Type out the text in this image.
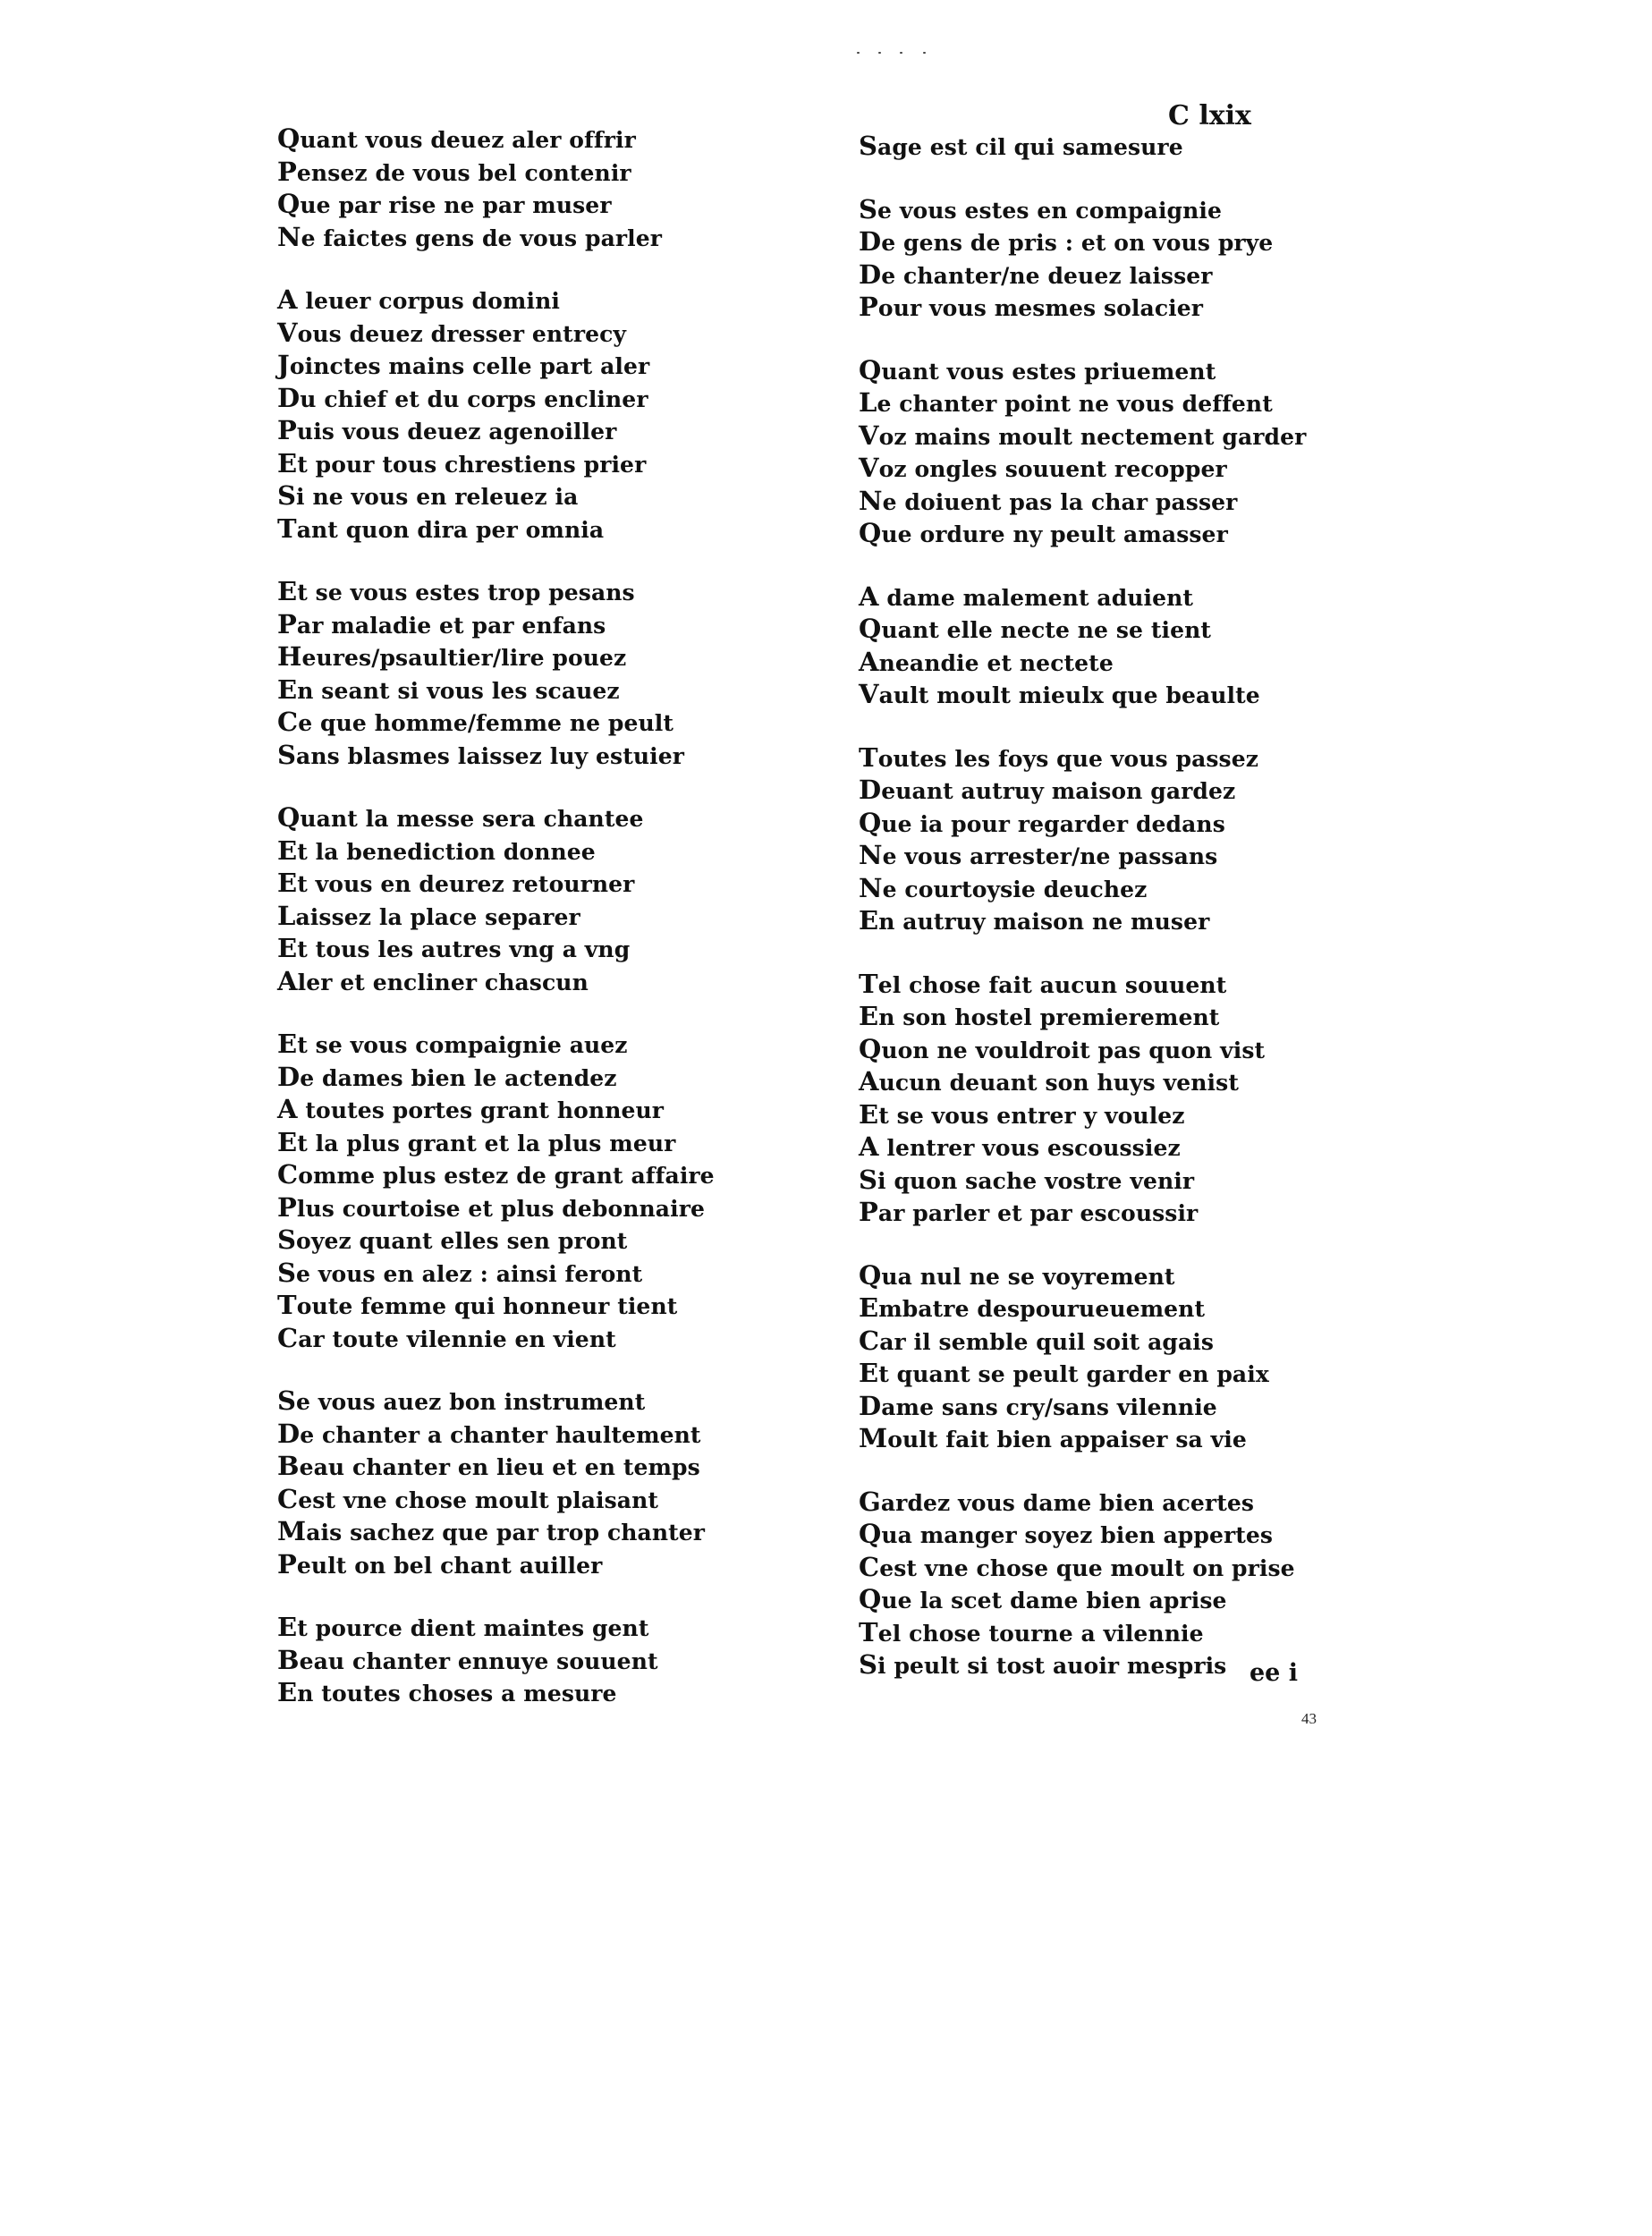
C lxix
Quant vous deuez aler offrir
Pensez de vous bel contenir
Que par rise ne par muser
Ne faictes gens de vous parler
A leuer corpus domini
Vous deuez dresser entrecy
Joinctes mains celle part aler
Du chief et du corps encliner
Puis vous deuez agenoiller
Et pour tous chrestiens prier
Si ne vous en releuez ia
Tant quon dira per omnia
Et se vous estes trop pesans
Par maladie et par enfans
Heures/psaultier/lire pouez
En seant si vous les scauez
Ce que homme/femme ne peult
Sans blasmes laissez luy estuier
Quant la messe sera chantee
Et la benediction donnee
Et vous en deurez retourner
Laissez la place separer
Et tous les autres vng a vng
Aler et encliner chascun
Et se vous compaignie auez
De dames bien le actendez
A toutes portes grant honneur
Et la plus grant et la plus meur
Comme plus estez de grant affaire
Plus courtoise et plus debonnaire
Soyez quant elles sen pront
Se vous en alez : ainsi feront
Toute femme qui honneur tient
Car toute vilennie en vient
Se vous auez bon instrument
De chanter a chanter haultement
Beau chanter en lieu et en temps
Cest vne chose moult plaisant
Mais sachez que par trop chanter
Peult on bel chant auiller
Et pource dient maintes gent
Beau chanter ennuye souuent
En toutes choses a mesure
Sage est cil qui samesure
Se vous estes en compaignie
De gens de pris : et on vous prye
De chanter/ne deuez laisser
Pour vous mesmes solacier
Quant vous estes priuement
Le chanter point ne vous deffent
Voz mains moult nectement garder
Voz ongles souuent recopper
Ne doiuent pas la char passer
Que ordure ny peult amasser
A dame malement aduient
Quant elle necte ne se tient
Aneandie et nectete
Vault moult mieulx que beaulte
Toutes les foys que vous passez
Deuant autruy maison gardez
Que ia pour regarder dedans
Ne vous arrester/ne passans
Ne courtoysie deuchez
En autruy maison ne muser
Tel chose fait aucun souuent
En son hostel premierement
Quon ne vouldroit pas quon vist
Aucun deuant son huys venist
Et se vous entrer y voulez
A lentrer vous escoussiez
Si quon sache vostre venir
Par parler et par escoussir
Qua nul ne se voyrement
Embatre despourueuement
Car il semble quil soit agais
Et quant se peult garder en paix
Dame sans cry/sans vilennie
Moult fait bien appaiser sa vie
Gardez vous dame bien acertes
Qua manger soyez bien appertes
Cest vne chose que moult on prise
Que la scet dame bien aprise
Tel chose tourne a vilennie
Si peult si tost auoir mespris ee i
43
